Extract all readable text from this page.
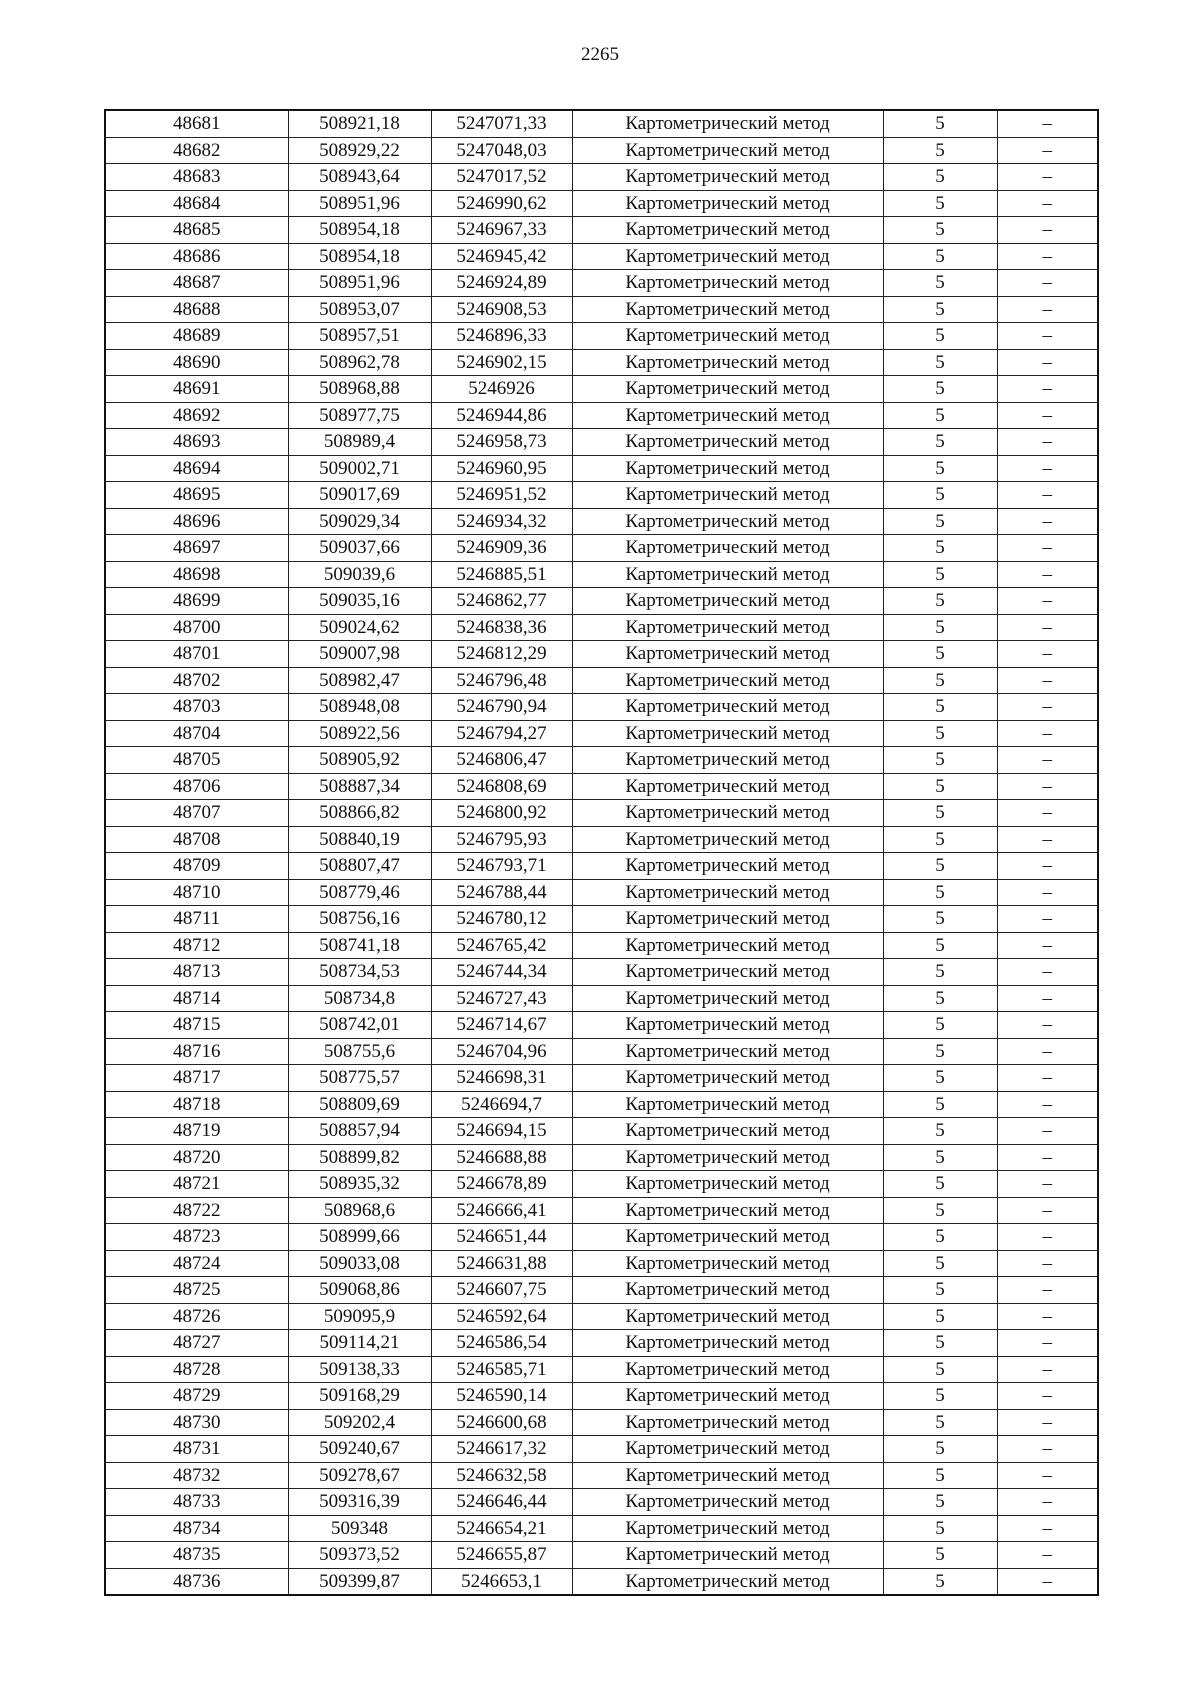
2265
48681	508921,18	5247071,33	Картометрический метод	5	–
48682	508929,22	5247048,03	Картометрический метод	5	–
48683	508943,64	5247017,52	Картометрический метод	5	–
48684	508951,96	5246990,62	Картометрический метод	5	–
48685	508954,18	5246967,33	Картометрический метод	5	–
48686	508954,18	5246945,42	Картометрический метод	5	–
48687	508951,96	5246924,89	Картометрический метод	5	–
48688	508953,07	5246908,53	Картометрический метод	5	–
48689	508957,51	5246896,33	Картометрический метод	5	–
48690	508962,78	5246902,15	Картометрический метод	5	–
48691	508968,88	5246926	Картометрический метод	5	–
48692	508977,75	5246944,86	Картометрический метод	5	–
48693	508989,4	5246958,73	Картометрический метод	5	–
48694	509002,71	5246960,95	Картометрический метод	5	–
48695	509017,69	5246951,52	Картометрический метод	5	–
48696	509029,34	5246934,32	Картометрический метод	5	–
48697	509037,66	5246909,36	Картометрический метод	5	–
48698	509039,6	5246885,51	Картометрический метод	5	–
48699	509035,16	5246862,77	Картометрический метод	5	–
48700	509024,62	5246838,36	Картометрический метод	5	–
48701	509007,98	5246812,29	Картометрический метод	5	–
48702	508982,47	5246796,48	Картометрический метод	5	–
48703	508948,08	5246790,94	Картометрический метод	5	–
48704	508922,56	5246794,27	Картометрический метод	5	–
48705	508905,92	5246806,47	Картометрический метод	5	–
48706	508887,34	5246808,69	Картометрический метод	5	–
48707	508866,82	5246800,92	Картометрический метод	5	–
48708	508840,19	5246795,93	Картометрический метод	5	–
48709	508807,47	5246793,71	Картометрический метод	5	–
48710	508779,46	5246788,44	Картометрический метод	5	–
48711	508756,16	5246780,12	Картометрический метод	5	–
48712	508741,18	5246765,42	Картометрический метод	5	–
48713	508734,53	5246744,34	Картометрический метод	5	–
48714	508734,8	5246727,43	Картометрический метод	5	–
48715	508742,01	5246714,67	Картометрический метод	5	–
48716	508755,6	5246704,96	Картометрический метод	5	–
48717	508775,57	5246698,31	Картометрический метод	5	–
48718	508809,69	5246694,7	Картометрический метод	5	–
48719	508857,94	5246694,15	Картометрический метод	5	–
48720	508899,82	5246688,88	Картометрический метод	5	–
48721	508935,32	5246678,89	Картометрический метод	5	–
48722	508968,6	5246666,41	Картометрический метод	5	–
48723	508999,66	5246651,44	Картометрический метод	5	–
48724	509033,08	5246631,88	Картометрический метод	5	–
48725	509068,86	5246607,75	Картометрический метод	5	–
48726	509095,9	5246592,64	Картометрический метод	5	–
48727	509114,21	5246586,54	Картометрический метод	5	–
48728	509138,33	5246585,71	Картометрический метод	5	–
48729	509168,29	5246590,14	Картометрический метод	5	–
48730	509202,4	5246600,68	Картометрический метод	5	–
48731	509240,67	5246617,32	Картометрический метод	5	–
48732	509278,67	5246632,58	Картометрический метод	5	–
48733	509316,39	5246646,44	Картометрический метод	5	–
48734	509348	5246654,21	Картометрический метод	5	–
48735	509373,52	5246655,87	Картометрический метод	5	–
48736	509399,87	5246653,1	Картометрический метод	5	–
